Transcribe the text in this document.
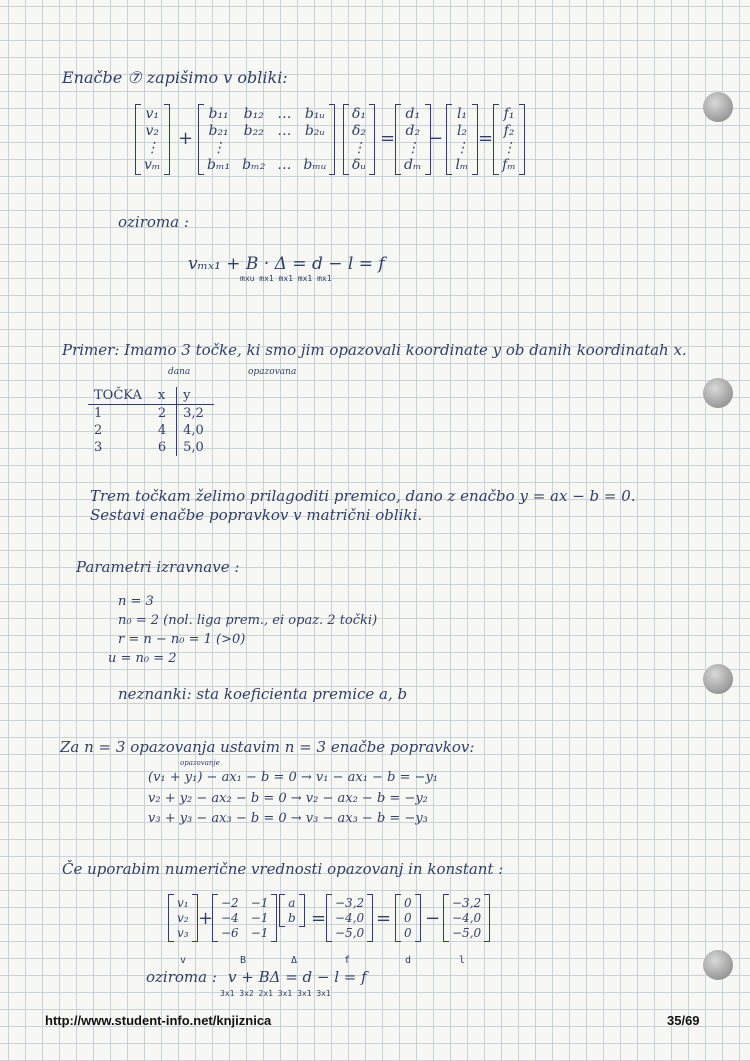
Enačbe ⑦ zapišimo v obliki:
v₁
v₂
⋮
vₘ
+
b₁₁ b₁₂ … b₁ᵤ
b₂₁ b₂₂ … b₂ᵤ
⋮
bₘ₁ bₘ₂ … bₘᵤ
δ₁
δ₂
⋮
δᵤ
=
d₁
d₂
⋮
dₘ
−
l₁
l₂
⋮
lₘ
=
f₁
f₂
⋮
fₘ
oziroma :
vₘₓ₁ + B · Δ = d − l = f
mxu mx1 mx1 mx1 mx1
Primer: Imamo 3 točke, ki smo jim opazovali koordinate y ob danih koordinatah x.
dana	opazovana
TOČKA	x	y
1	2	3,2
2	4	4,0
3	6	5,0
Trem točkam želimo prilagoditi premico, dano z enačbo y = ax − b = 0.
Sestavi enačbe popravkov v matrični obliki.
Parametri izravnave :
n = 3
n₀ = 2 (nol. liga prem., ei opaz. 2 točki)
r = n − n₀ = 1 (>0)
u = n₀ = 2
neznanki: sta koeficienta premice a, b
Za n = 3 opazovanja ustavim n = 3 enačbe popravkov:
opazovanje
(v₁ + y₁) − ax₁ − b = 0 → v₁ − ax₁ − b = −y₁
v₂ + y₂ − ax₂ − b = 0 → v₂ − ax₂ − b = −y₂
v₃ + y₃ − ax₃ − b = 0 → v₃ − ax₃ − b = −y₃
Če uporabim numerične vrednosti opazovanj in konstant :
v₁
v₂
v₃
+
−2 −1
−4 −1
−6 −1
a
b =
−3,2
−4,0
−5,0
=
0
0
0
−
−3,2
−4,0
−5,0
v	B	Δ	f	d	l
oziroma : v + BΔ = d − l = f
3x1 3x2 2x1 3x1 3x1 3x1
http://www.student-info.net/knjiznica	35/69
